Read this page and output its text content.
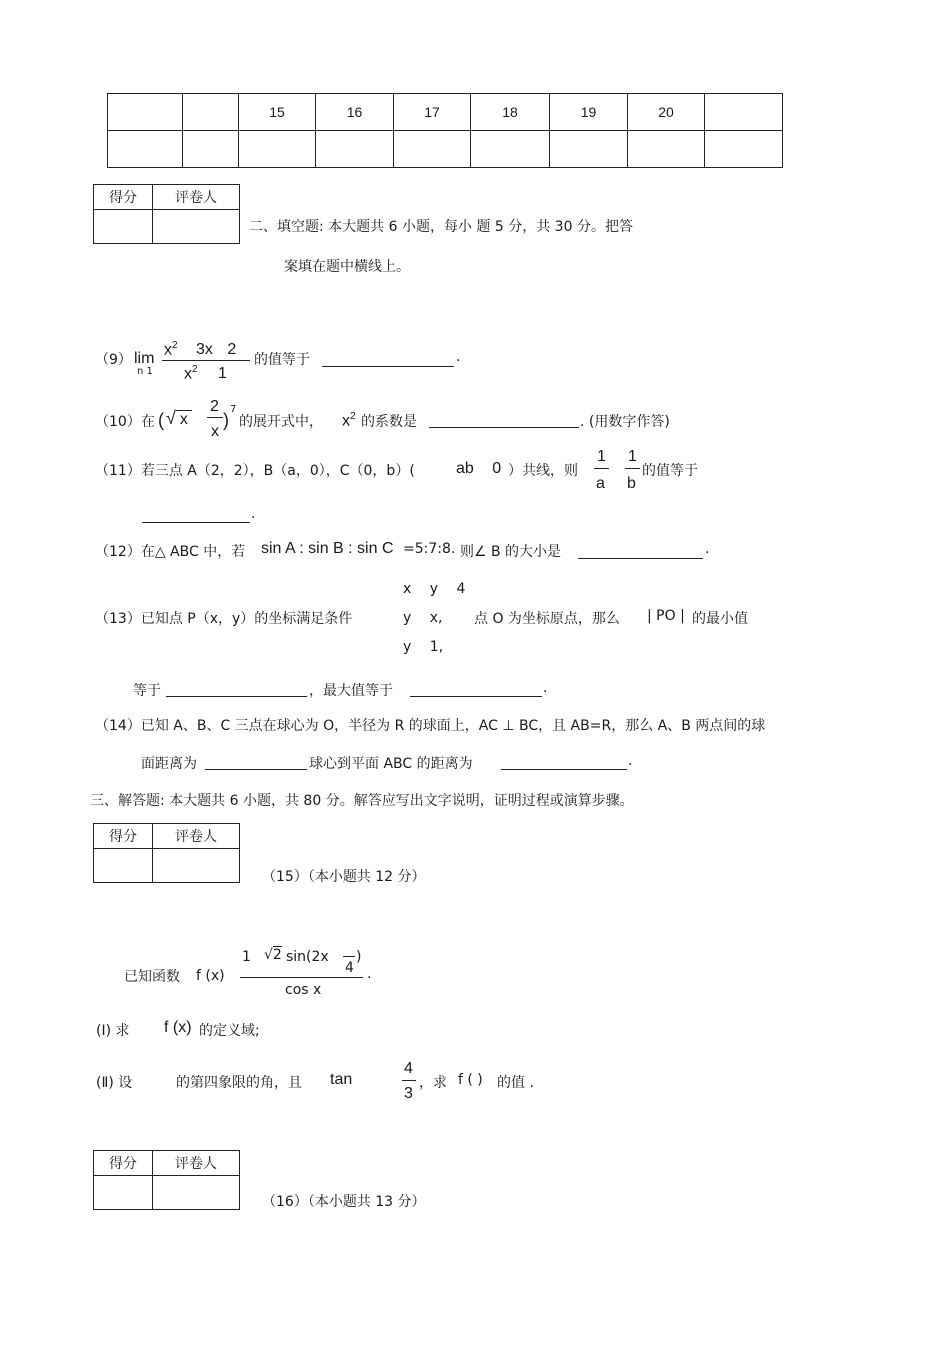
		15	16	17	18	19	20	

得分	评卷人

二、填空题: 本大题共 6 小题，每小 题 5 分，共 30 分。把答
案填在题中横线上。
（9） lim
n 1
$x^2$ 3x 2
$x^2$ 1
的值等于	.
（10）在 ( √ x
2
x
)
7
的展开式中， $x^2$ 的系数是	. (用数字作答)
（11）若三点 A（2，2），B（a，0），C（0，b）(	ab 0 ）共线，则
1
a
1
b
的值等于
.
（12）在△ ABC 中，若 sin A : sin B : sin C =5:7:8. 则∠ B 的大小是	.
x y 4
（13）已知点 P（x，y）的坐标满足条件	y x, 点 O 为坐标原点，那么 | PO | 的最小值
y 1,
等于	，最大值等于	.
（14）已知 A、B、C 三点在球心为 O，半径为 R 的球面上，AC ⊥ BC，且 AB=R，那么 A、B 两点间的球
面距离为	球心到平面 ABC 的距离为	.
三、解答题: 本大题共 6 小题，共 80 分。解答应写出文字说明，证明过程或演算步骤。
得分	评卷人

（15）（本小题共 12 分）
已知函数 f (x)
1 √2 sin(2x )
4
cos x
.
(Ⅰ) 求 f (x) 的定义域;
(Ⅱ) 设	的第四象限的角，且 tan
4
3
，求 f ( ) 的值 .
得分	评卷人

（16）（本小题共 13 分）
